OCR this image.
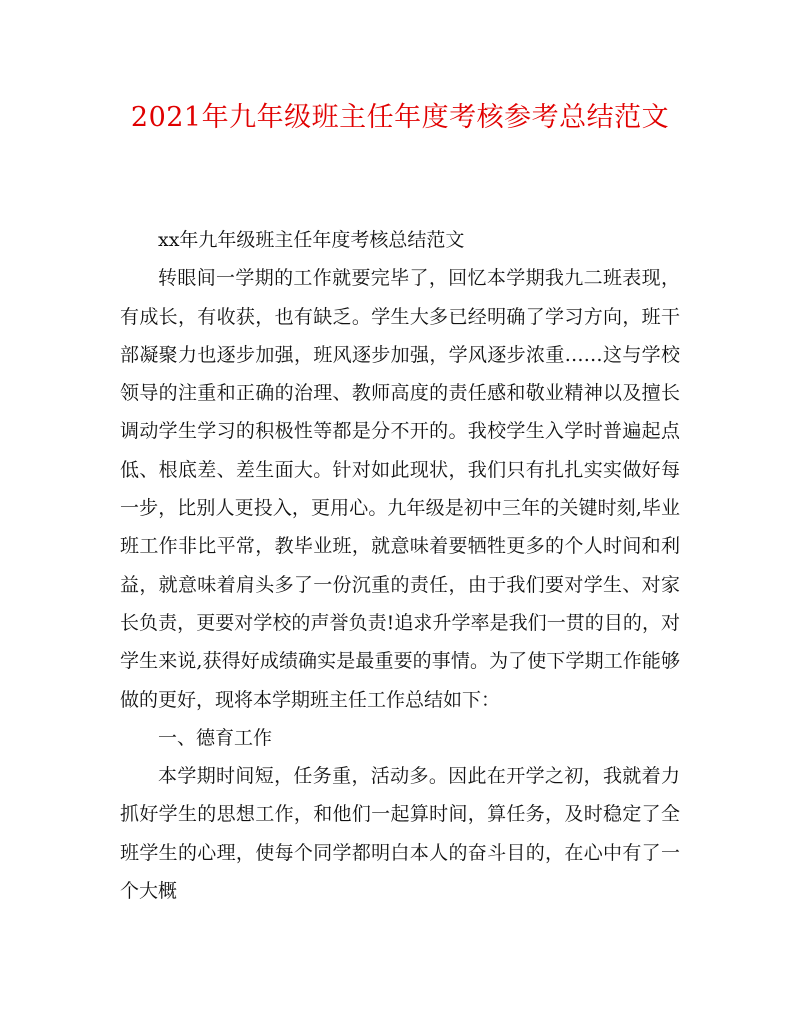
2021年九年级班主任年度考核参考总结范文

xx年九年级班主任年度考核总结范文

转眼间一学期的工作就要完毕了，回忆本学期我九二班表现，有成长，有收获，也有缺乏。学生大多已经明确了学习方向，班干部凝聚力也逐步加强，班风逐步加强，学风逐步浓重……这与学校领导的注重和正确的治理、教师高度的责任感和敬业精神以及擅长调动学生学习的积极性等都是分不开的。我校学生入学时普遍起点低、根底差、差生面大。针对如此现状，我们只有扎扎实实做好每一步，比别人更投入，更用心。九年级是初中三年的关键时刻,毕业班工作非比平常，教毕业班，就意味着要牺牲更多的个人时间和利益，就意味着肩头多了一份沉重的责任，由于我们要对学生、对家长负责，更要对学校的声誉负责!追求升学率是我们一贯的目的，对学生来说,获得好成绩确实是最重要的事情。为了使下学期工作能够做的更好，现将本学期班主任工作总结如下：

一、德育工作

本学期时间短，任务重，活动多。因此在开学之初，我就着力抓好学生的思想工作，和他们一起算时间，算任务，及时稳定了全班学生的心理，使每个同学都明白本人的奋斗目的，在心中有了一个大概
